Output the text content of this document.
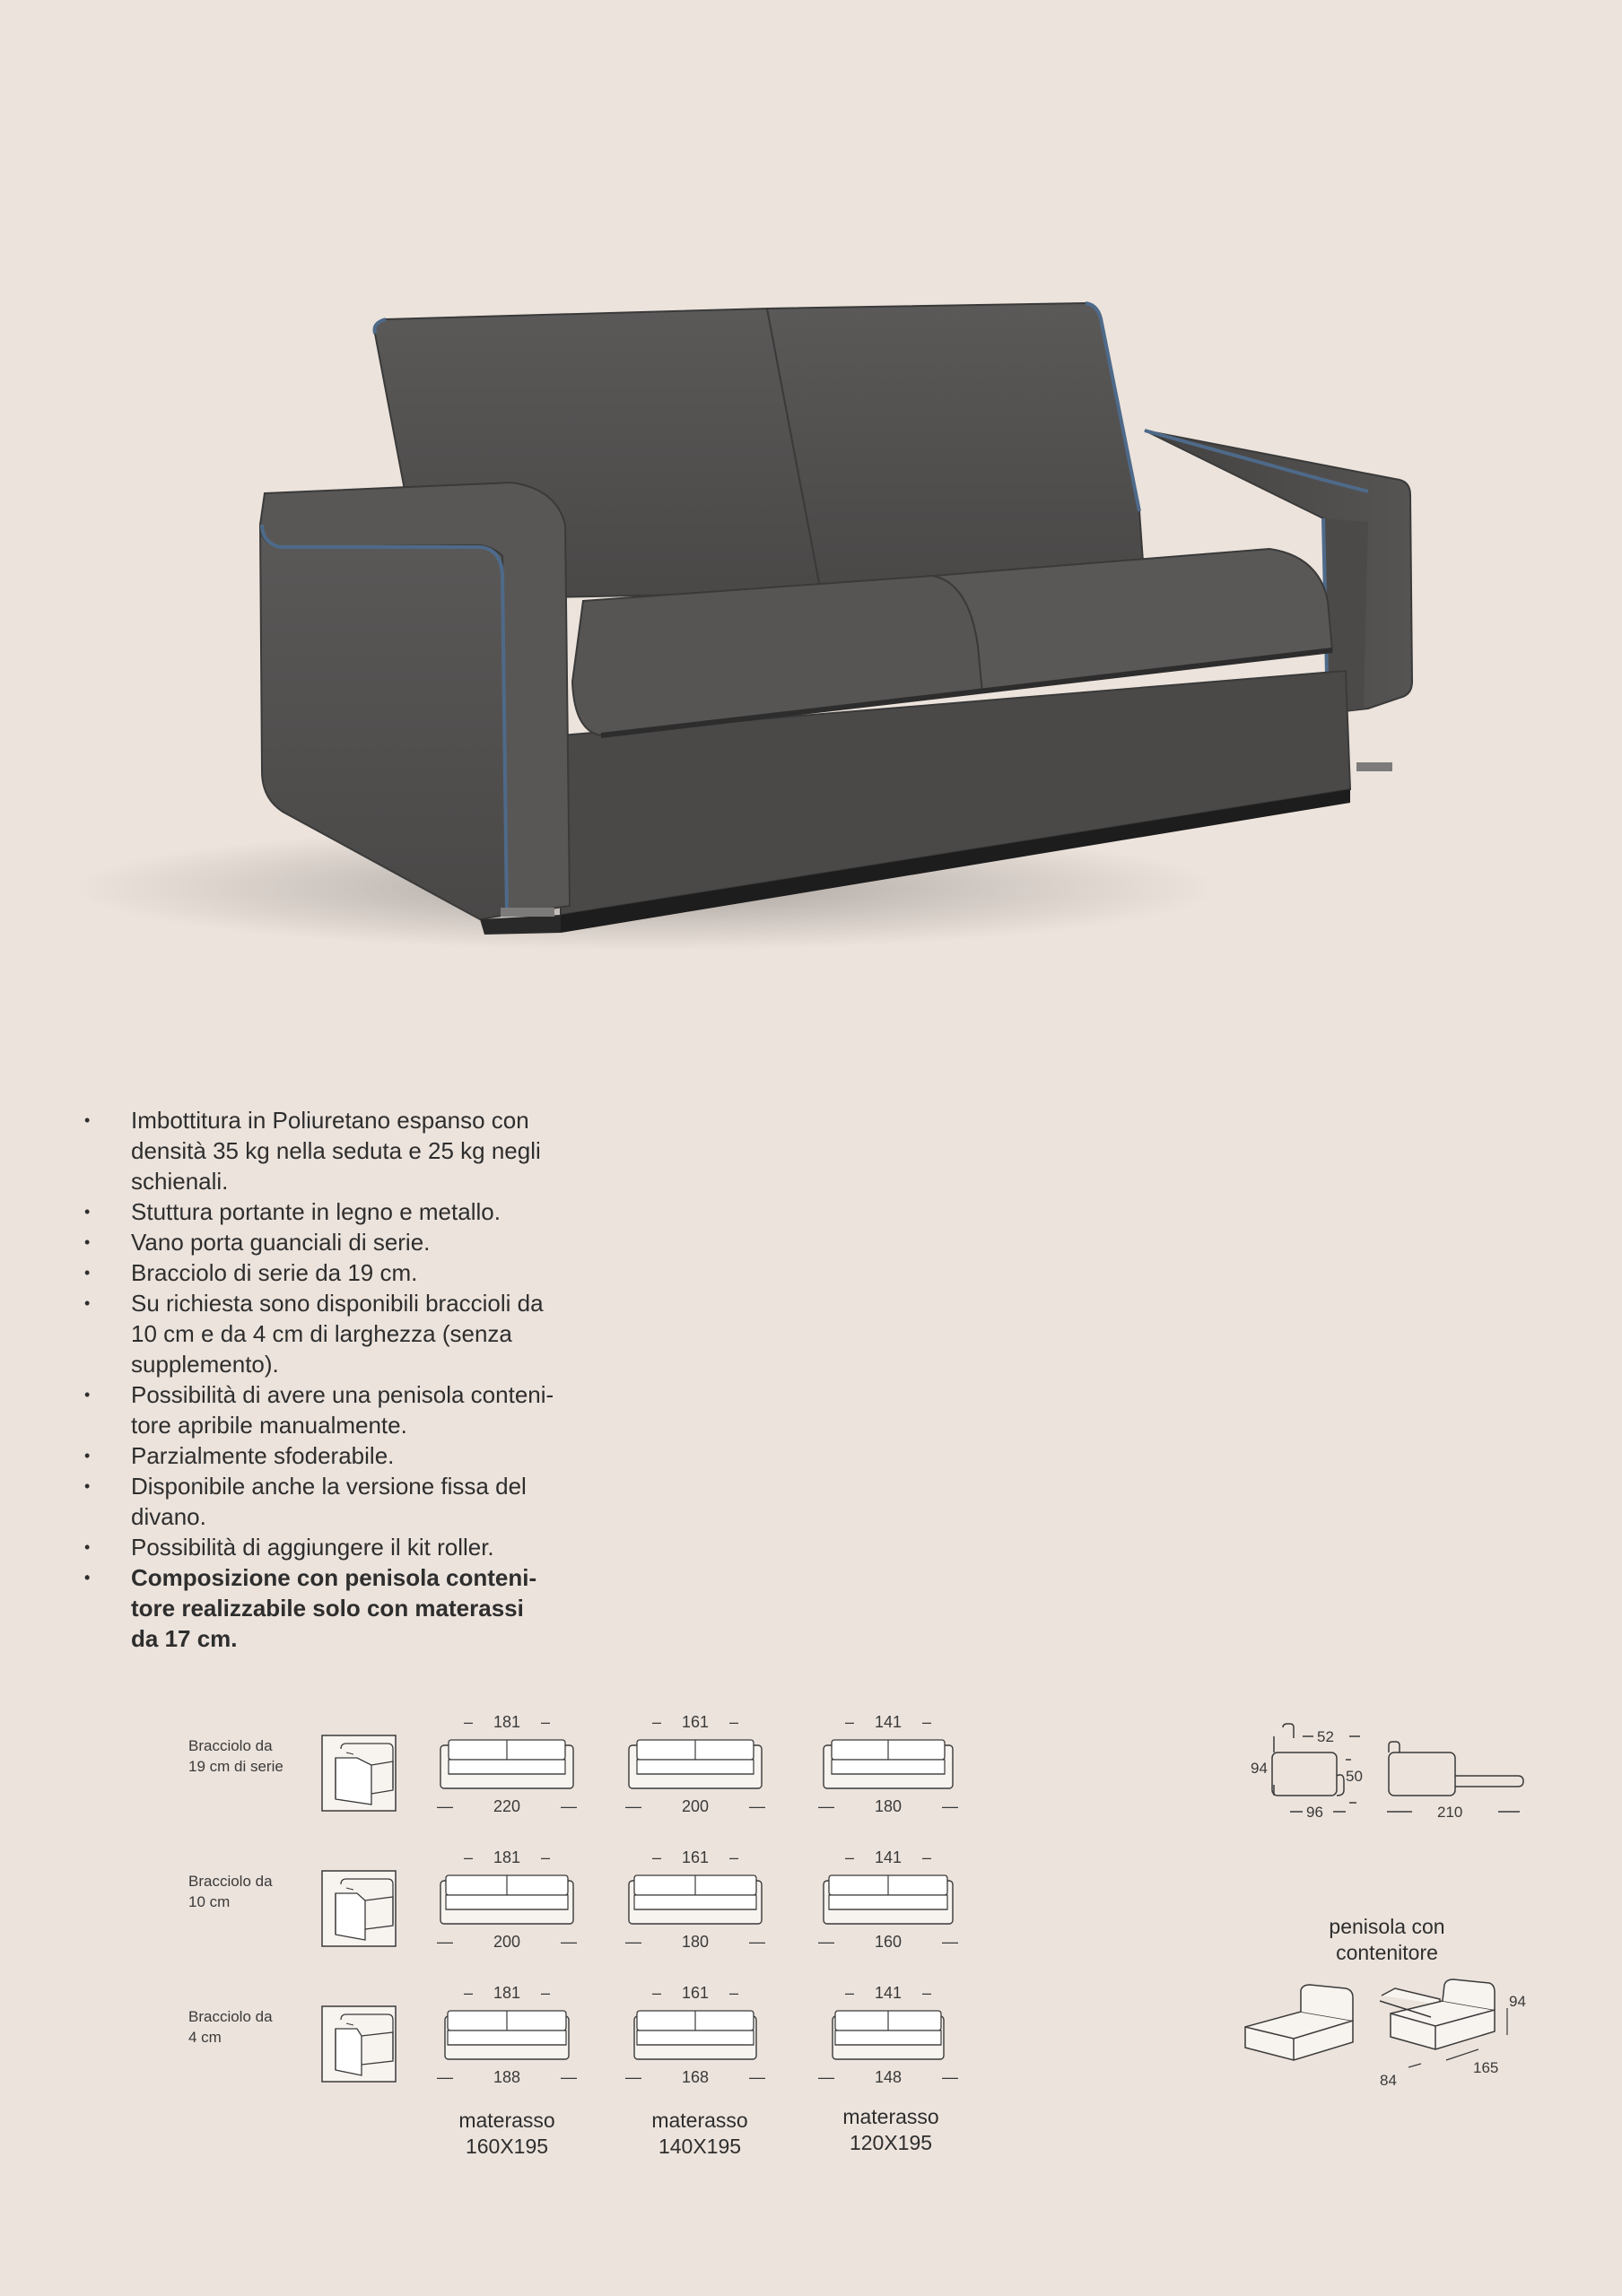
• Imbottitura in Poliuretano espanso con
densità 35 kg nella seduta e 25 kg negli
schienali.
• Stuttura portante in legno e metallo.
• Vano porta guanciali di serie.
• Bracciolo di serie da 19 cm.
• Su richiesta sono disponibili braccioli da
10 cm e da 4 cm di larghezza (senza
supplemento).
• Possibilità di avere una penisola conteni-
tore apribile manualmente.
• Parzialmente sfoderabile.
• Disponibile anche la versione fissa del
divano.
• Possibilità di aggiungere il kit roller.
• Composizione con penisola conteni-
tore realizzabile solo con materassi
da 17 cm.
Bracciolo da
19 cm di serie
– 181 –
— 220 —
– 161 –
— 200 —
– 141 –
— 180 —
Bracciolo da
10 cm
– 181 –
— 200 —
– 161 –
— 180 —
– 141 –
— 160 —
Bracciolo da
4 cm
– 181 –
— 188 —
– 161 –
— 168 —
– 141 –
— 148 —
materasso
160X195
materasso
140X195
materasso
120X195
94
52
50
96	210
penisola con
contenitore
94
84
165
